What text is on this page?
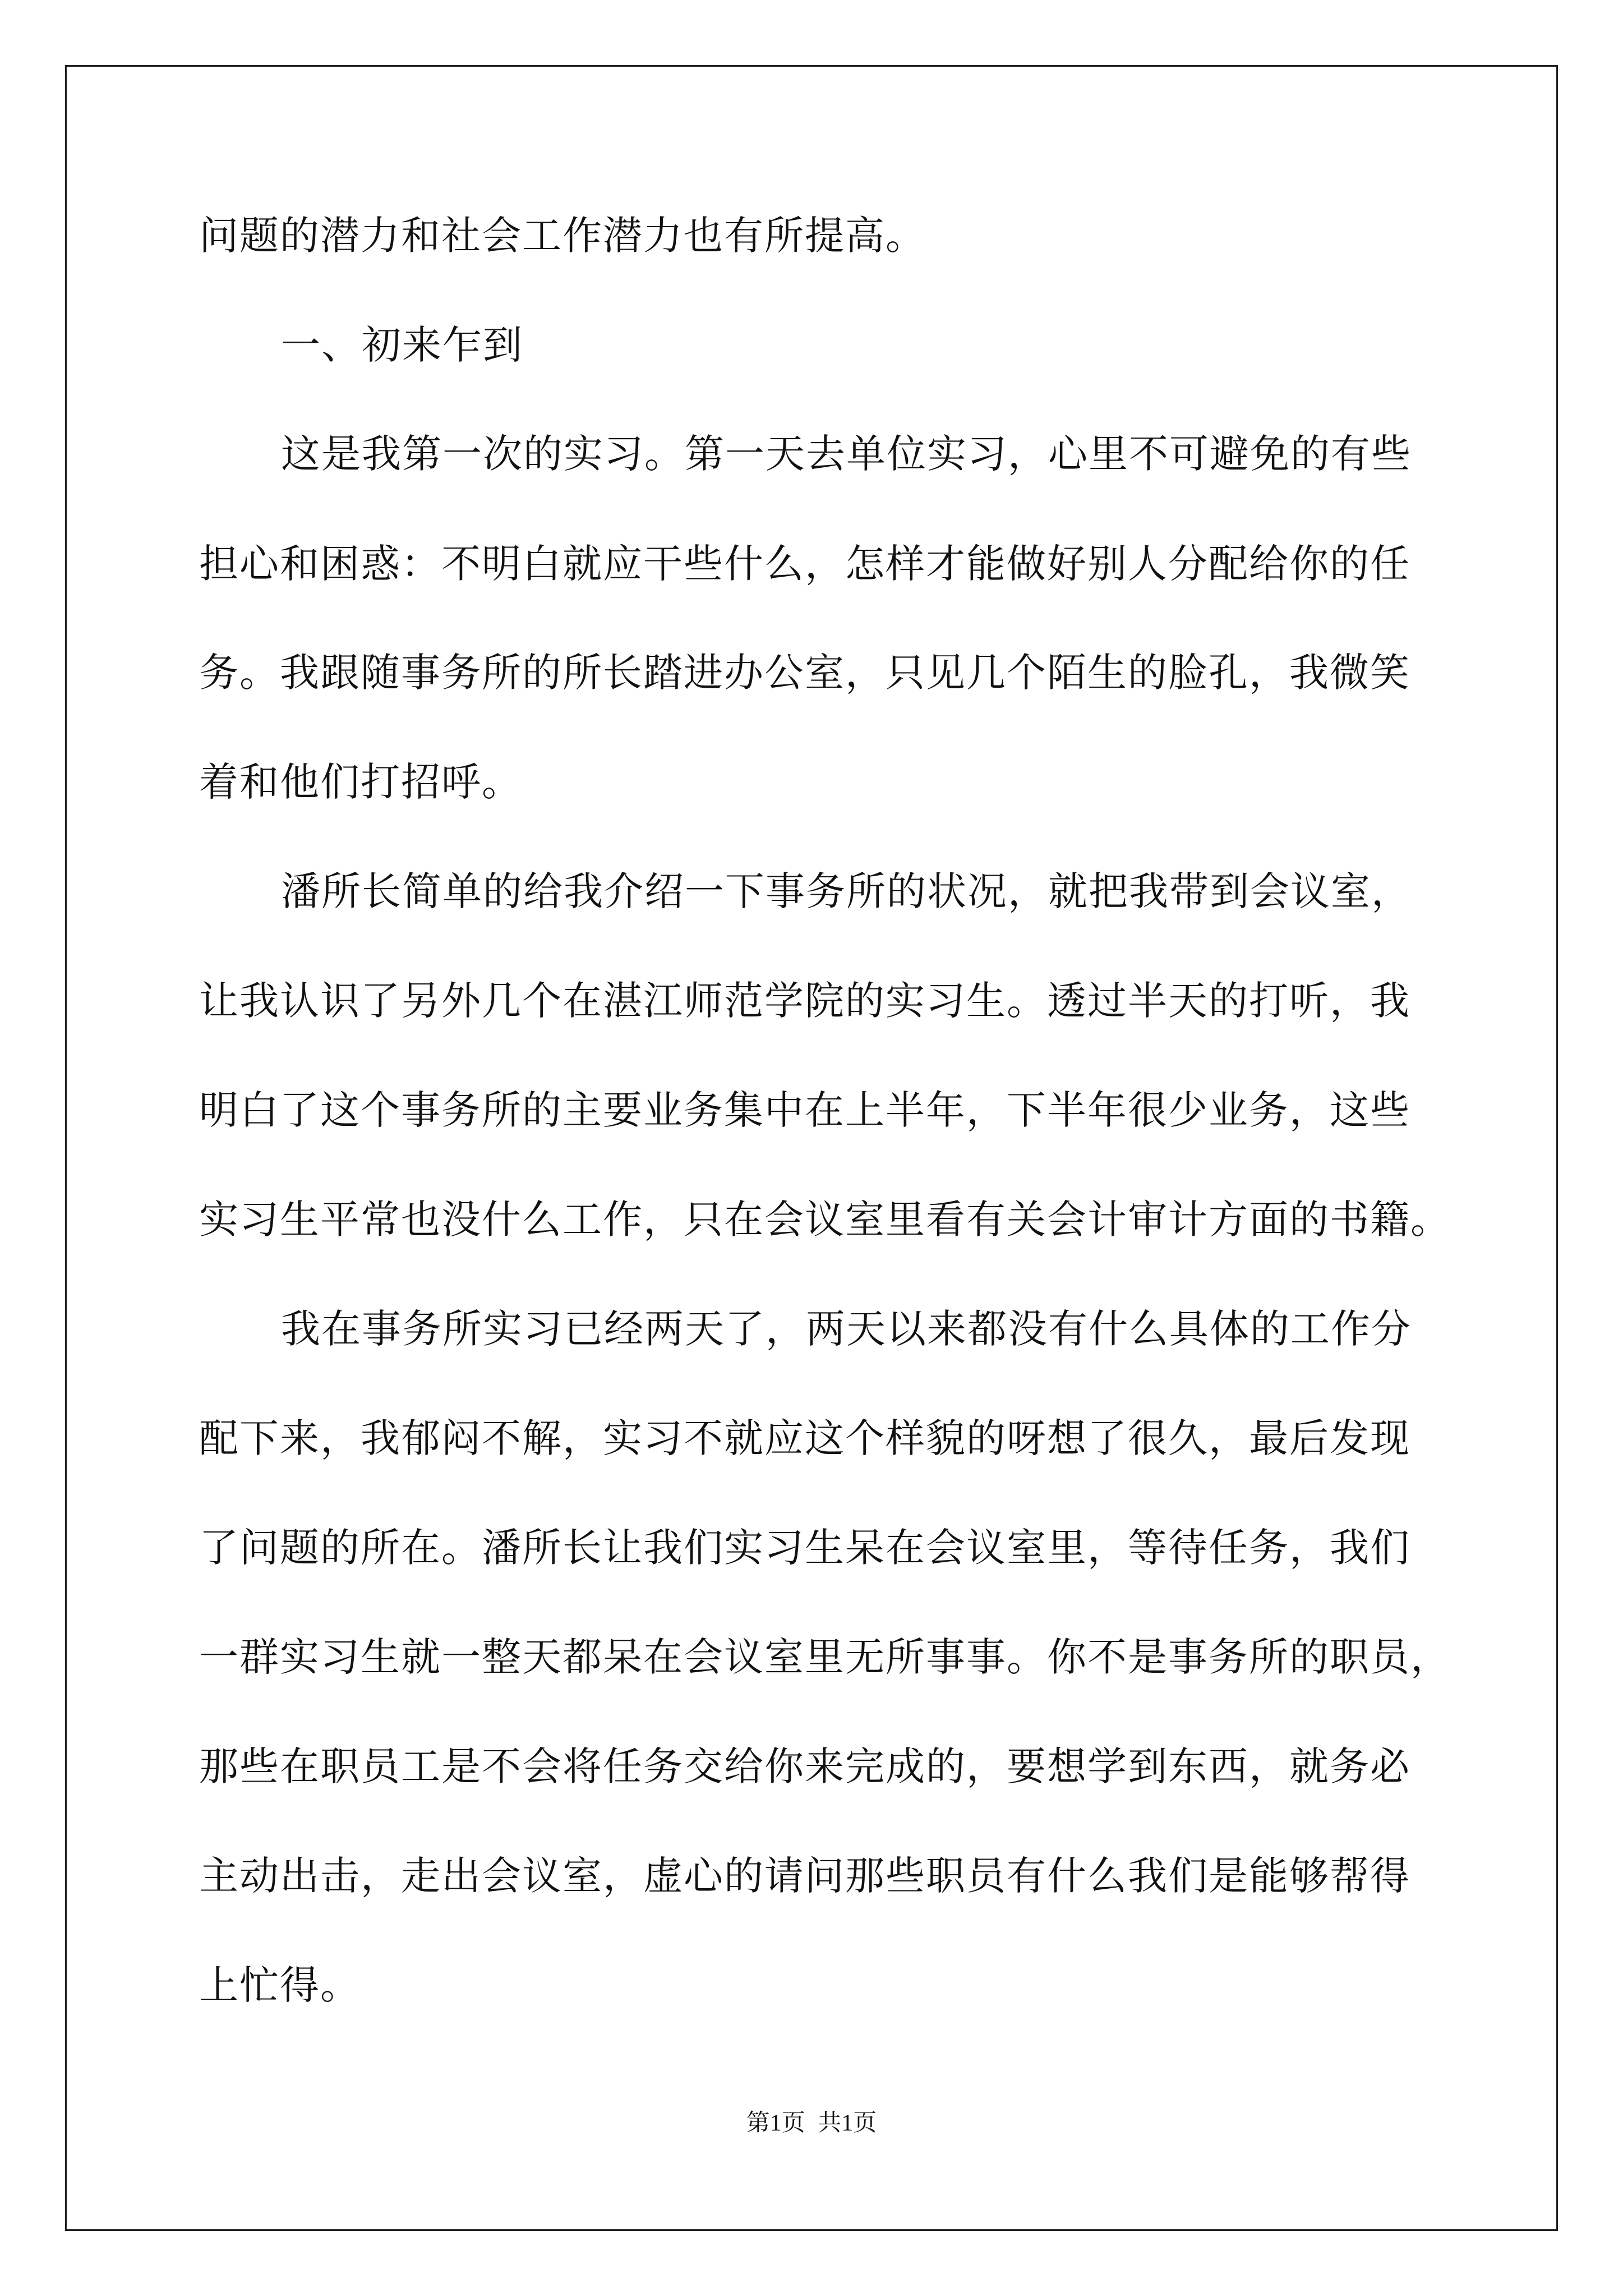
问题的潜力和社会工作潜力也有所提高。
一、初来乍到
这是我第一次的实习。第一天去单位实习，心里不可避免的有些
担心和困惑：不明白就应干些什么，怎样才能做好别人分配给你的任
务。我跟随事务所的所长踏进办公室，只见几个陌生的脸孔，我微笑
着和他们打招呼。
潘所长简单的给我介绍一下事务所的状况，就把我带到会议室，
让我认识了另外几个在湛江师范学院的实习生。透过半天的打听，我
明白了这个事务所的主要业务集中在上半年，下半年很少业务，这些
实习生平常也没什么工作，只在会议室里看有关会计审计方面的书籍。
我在事务所实习已经两天了，两天以来都没有什么具体的工作分
配下来，我郁闷不解，实习不就应这个样貌的呀想了很久，最后发现
了问题的所在。潘所长让我们实习生呆在会议室里，等待任务，我们
一群实习生就一整天都呆在会议室里无所事事。你不是事务所的职员，
那些在职员工是不会将任务交给你来完成的，要想学到东西，就务必
主动出击，走出会议室，虚心的请问那些职员有什么我们是能够帮得
上忙得。
第1页 共1页
